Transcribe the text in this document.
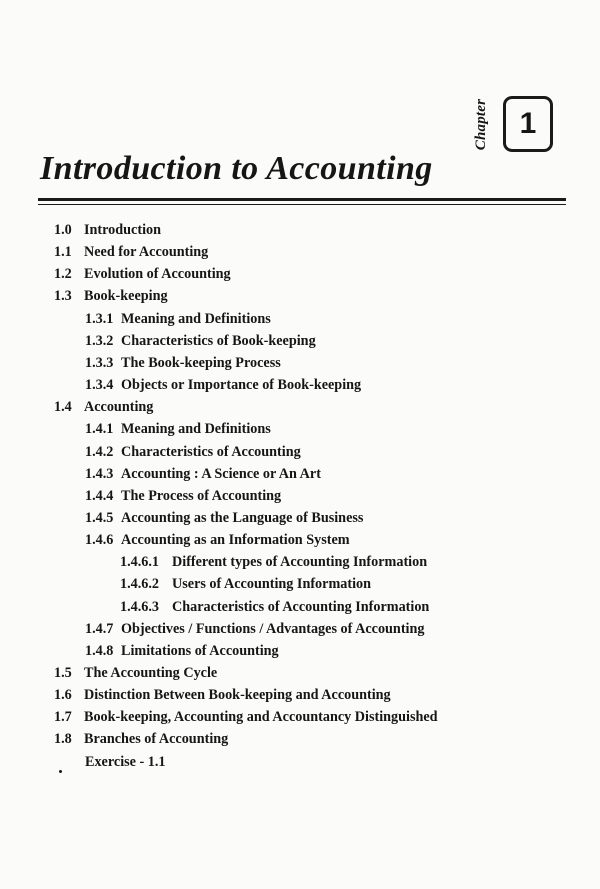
Chapter 1
Introduction to Accounting
1.0 Introduction
1.1 Need for Accounting
1.2 Evolution of Accounting
1.3 Book-keeping
1.3.1 Meaning and Definitions
1.3.2 Characteristics of Book-keeping
1.3.3 The Book-keeping Process
1.3.4 Objects or Importance of Book-keeping
1.4 Accounting
1.4.1 Meaning and Definitions
1.4.2 Characteristics of Accounting
1.4.3 Accounting : A Science or An Art
1.4.4 The Process of Accounting
1.4.5 Accounting as the Language of Business
1.4.6 Accounting as an Information System
1.4.6.1 Different types of Accounting Information
1.4.6.2 Users of Accounting Information
1.4.6.3 Characteristics of Accounting Information
1.4.7 Objectives / Functions / Advantages of Accounting
1.4.8 Limitations of Accounting
1.5 The Accounting Cycle
1.6 Distinction Between Book-keeping and Accounting
1.7 Book-keeping, Accounting and Accountancy Distinguished
1.8 Branches of Accounting
Exercise - 1.1
